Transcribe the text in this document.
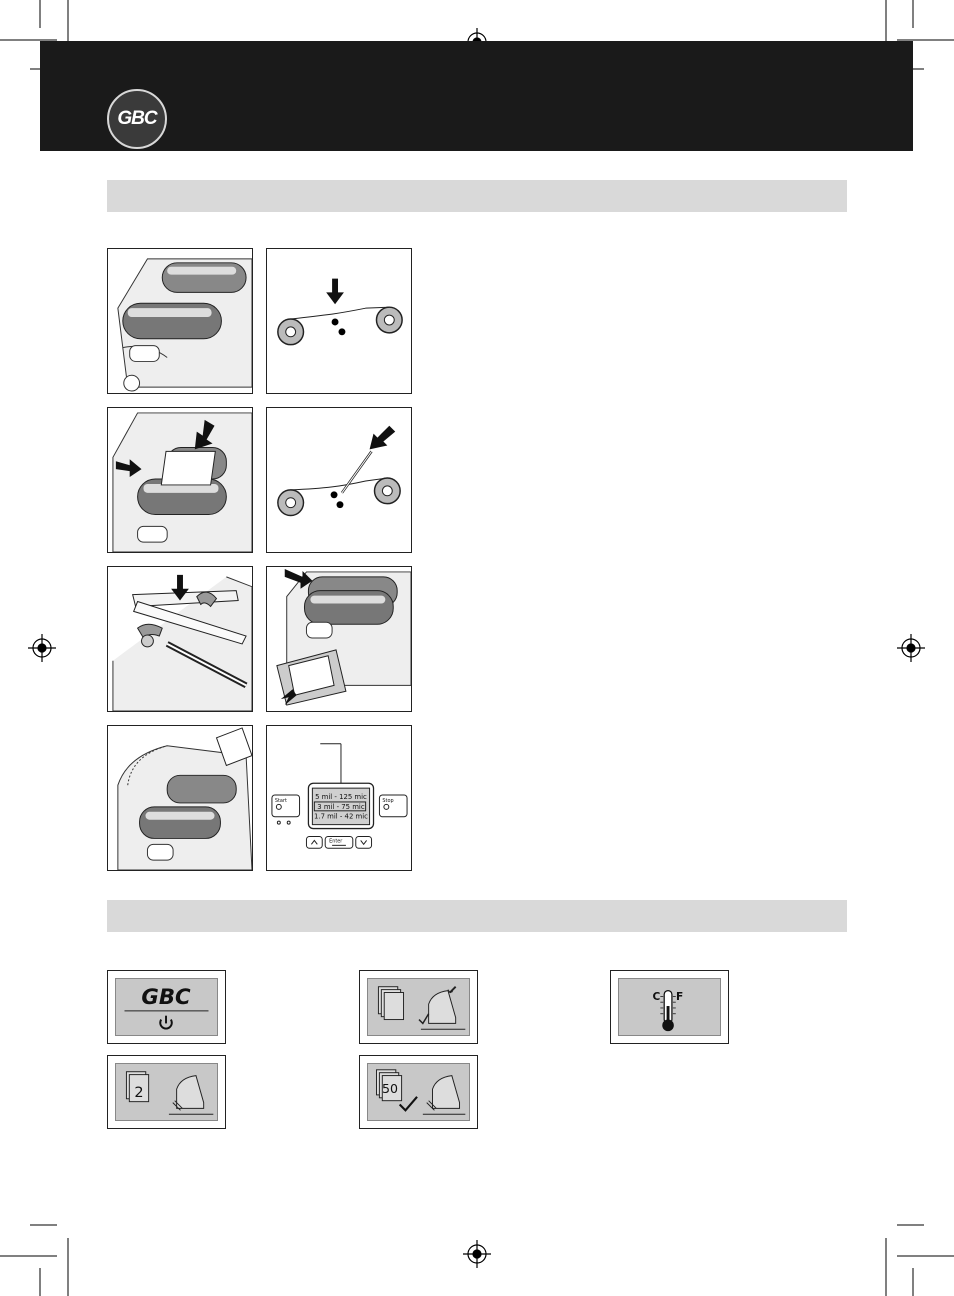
GBC
5 mil - 125 mic
3 mil - 75 mic
1.7 mil - 42 mic
Start	Stop
Enter
GBC	C F
2	50
